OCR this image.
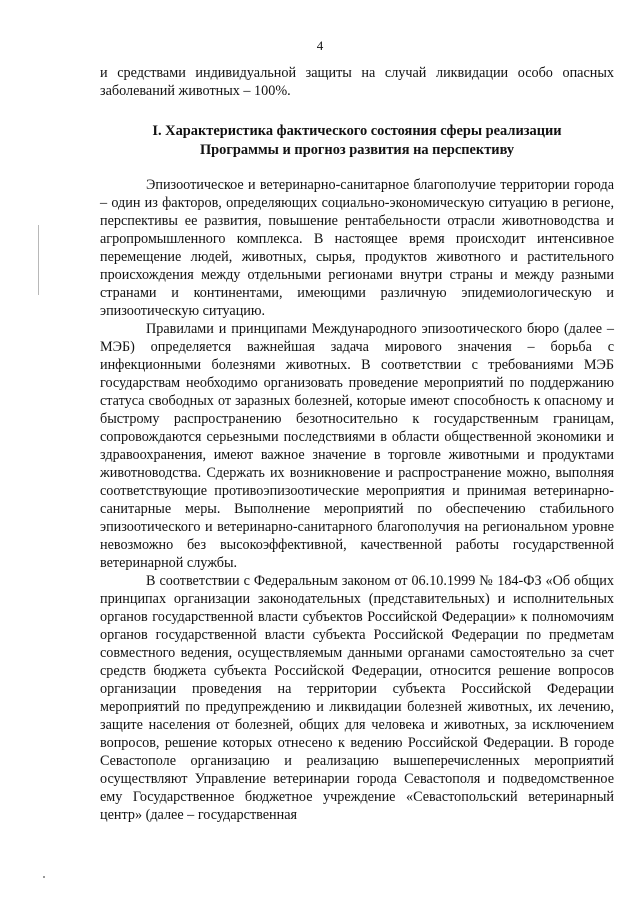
4

и средствами индивидуальной защиты на случай ликвидации особо опасных заболеваний животных – 100%.

I. Характеристика фактического состояния сферы реализации
Программы и прогноз развития на перспективу

Эпизоотическое и ветеринарно-санитарное благополучие территории города – один из факторов, определяющих социально-экономическую ситуацию в регионе, перспективы ее развития, повышение рентабельности отрасли животноводства и агропромышленного комплекса. В настоящее время происходит интенсивное перемещение людей, животных, сырья, продуктов животного и растительного происхождения между отдельными регионами внутри страны и между разными странами и континентами, имеющими различную эпидемиологическую и эпизоотическую ситуацию.

Правилами и принципами Международного эпизоотического бюро (далее – МЭБ) определяется важнейшая задача мирового значения – борьба с инфекционными болезнями животных. В соответствии с требованиями МЭБ государствам необходимо организовать проведение мероприятий по поддержанию статуса свободных от заразных болезней, которые имеют способность к опасному и быстрому распространению безотносительно к государственным границам, сопровождаются серьезными последствиями в области общественной экономики и здравоохранения, имеют важное значение в торговле животными и продуктами животноводства. Сдержать их возникновение и распространение можно, выполняя соответствующие противоэпизоотические мероприятия и принимая ветеринарно-санитарные меры. Выполнение мероприятий по обеспечению стабильного эпизоотического и ветеринарно-санитарного благополучия на региональном уровне невозможно без высокоэффективной, качественной работы государственной ветеринарной службы.

В соответствии с Федеральным законом от 06.10.1999 № 184-ФЗ «Об общих принципах организации законодательных (представительных) и исполнительных органов государственной власти субъектов Российской Федерации» к полномочиям органов государственной власти субъекта Российской Федерации по предметам совместного ведения, осуществляемым данными органами самостоятельно за счет средств бюджета субъекта Российской Федерации, относится решение вопросов организации проведения на территории субъекта Российской Федерации мероприятий по предупреждению и ликвидации болезней животных, их лечению, защите населения от болезней, общих для человека и животных, за исключением вопросов, решение которых отнесено к ведению Российской Федерации. В городе Севастополе организацию и реализацию вышеперечисленных мероприятий осуществляют Управление ветеринарии города Севастополя и подведомственное ему Государственное бюджетное учреждение «Севастопольский ветеринарный центр» (далее – государственная
